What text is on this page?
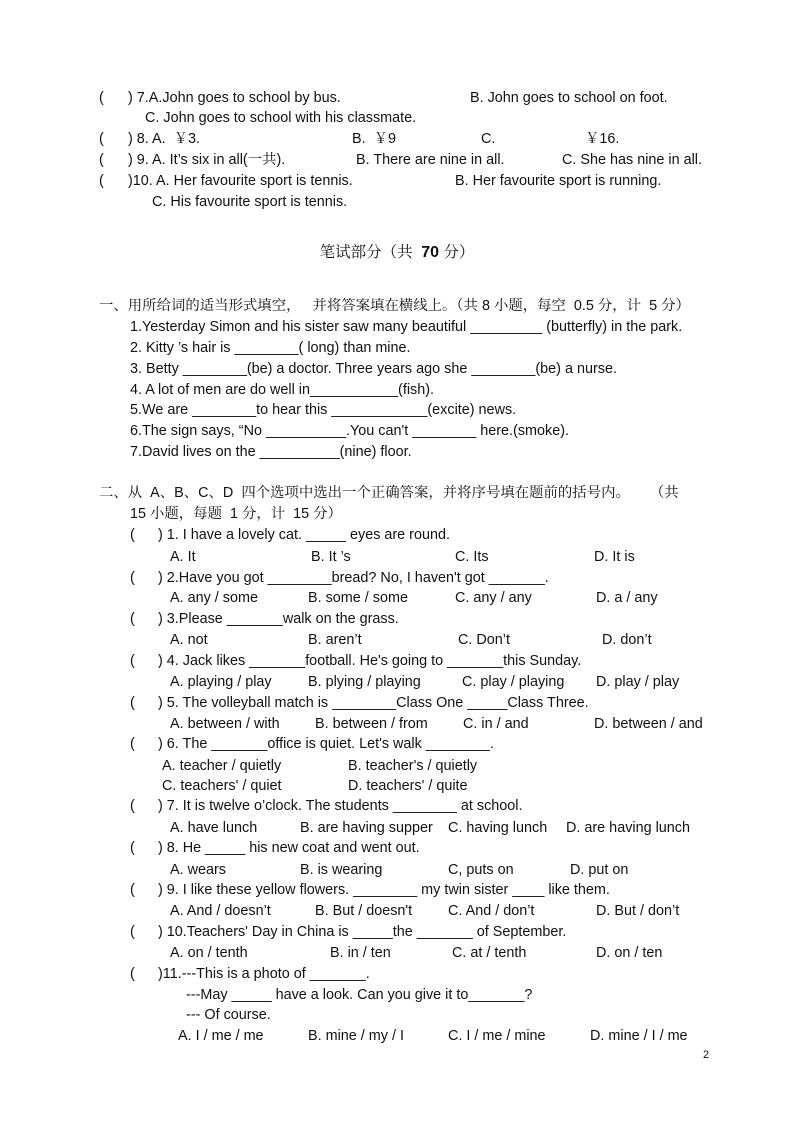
( ) 7.A.John goes to school by bus.	B. John goes to school on foot.
C. John goes to school with his classmate.
( ) 8. A.  ￥3.	B.  ￥9	C.	￥16.
( ) 9. A. It’s six in all(一共).	B. There are nine in all.	C. She has nine in all.
( )10. A. Her favourite sport is tennis.	B. Her favourite sport is running.
C. His favourite sport is tennis.
笔试部分（共  70 分）
一、用所给词的适当形式填空，   并将答案填在横线上。（共 8 小题，每空  0.5 分，计  5 分）
1.Yesterday Simon and his sister saw many beautiful _________ (butterfly) in the park.
2. Kitty ’s hair is ________( long) than mine.
3. Betty ________(be) a doctor. Three years ago she ________(be) a nurse.
4. A lot of men are do well in___________(fish).
5.We are ________to hear this ____________(excite) news.
6.The sign says, “No __________.You can't ________ here.(smoke).
7.David lives on the __________(nine) floor.
二、从  A、B、C、D  四个选项中选出一个正确答案，并将序号填在题前的括号内。     （共
15 小题，每题  1 分，计  15 分）
( ) 1. I have a lovely cat. _____ eyes are round.
A. It	B. It ’s	C. Its	D. It is
( ) 2.Have you got ________bread? No, I haven't got _______.
A. any / some	B. some / some	C. any / any	D. a / any
( ) 3.Please _______walk on the grass.
A. not	B. aren’t	C. Don’t	D. don’t
( ) 4. Jack likes _______football. He's going to _______this Sunday.
A. playing / play	B. plying / playing	C. play / playing D. play / play
( ) 5. The volleyball match is ________Class One _____Class Three.
A. between / with B. between / from C. in / and	D. between / and
( ) 6. The _______office is quiet. Let's walk ________.
A. teacher / quietly	B. teacher's / quietly
C. teachers' / quiet	D. teachers' / quite
( ) 7. It is twelve o’clock. The students ________ at school.
A. have lunch	B. are having supper C. having lunch D. are having lunch
( ) 8. He _____ his new coat and went out.
A. wears	B. is wearing	C, puts on	D. put on
( ) 9. I like these yellow flowers. ________ my twin sister ____ like them.
A. And / doesn’t	B. But / doesn't C. And / don’t	D. But / don’t
( ) 10.Teachers' Day in China is _____the _______ of September.
A. on / tenth	B. in / ten	C. at / tenth	D. on / ten
( )11.---This is a photo of _______.
---May _____ have a look. Can you give it to_______?
--- Of course.
A. I / me / me	B. mine / my / I	C. I / me / mine	D. mine / I / me
2
